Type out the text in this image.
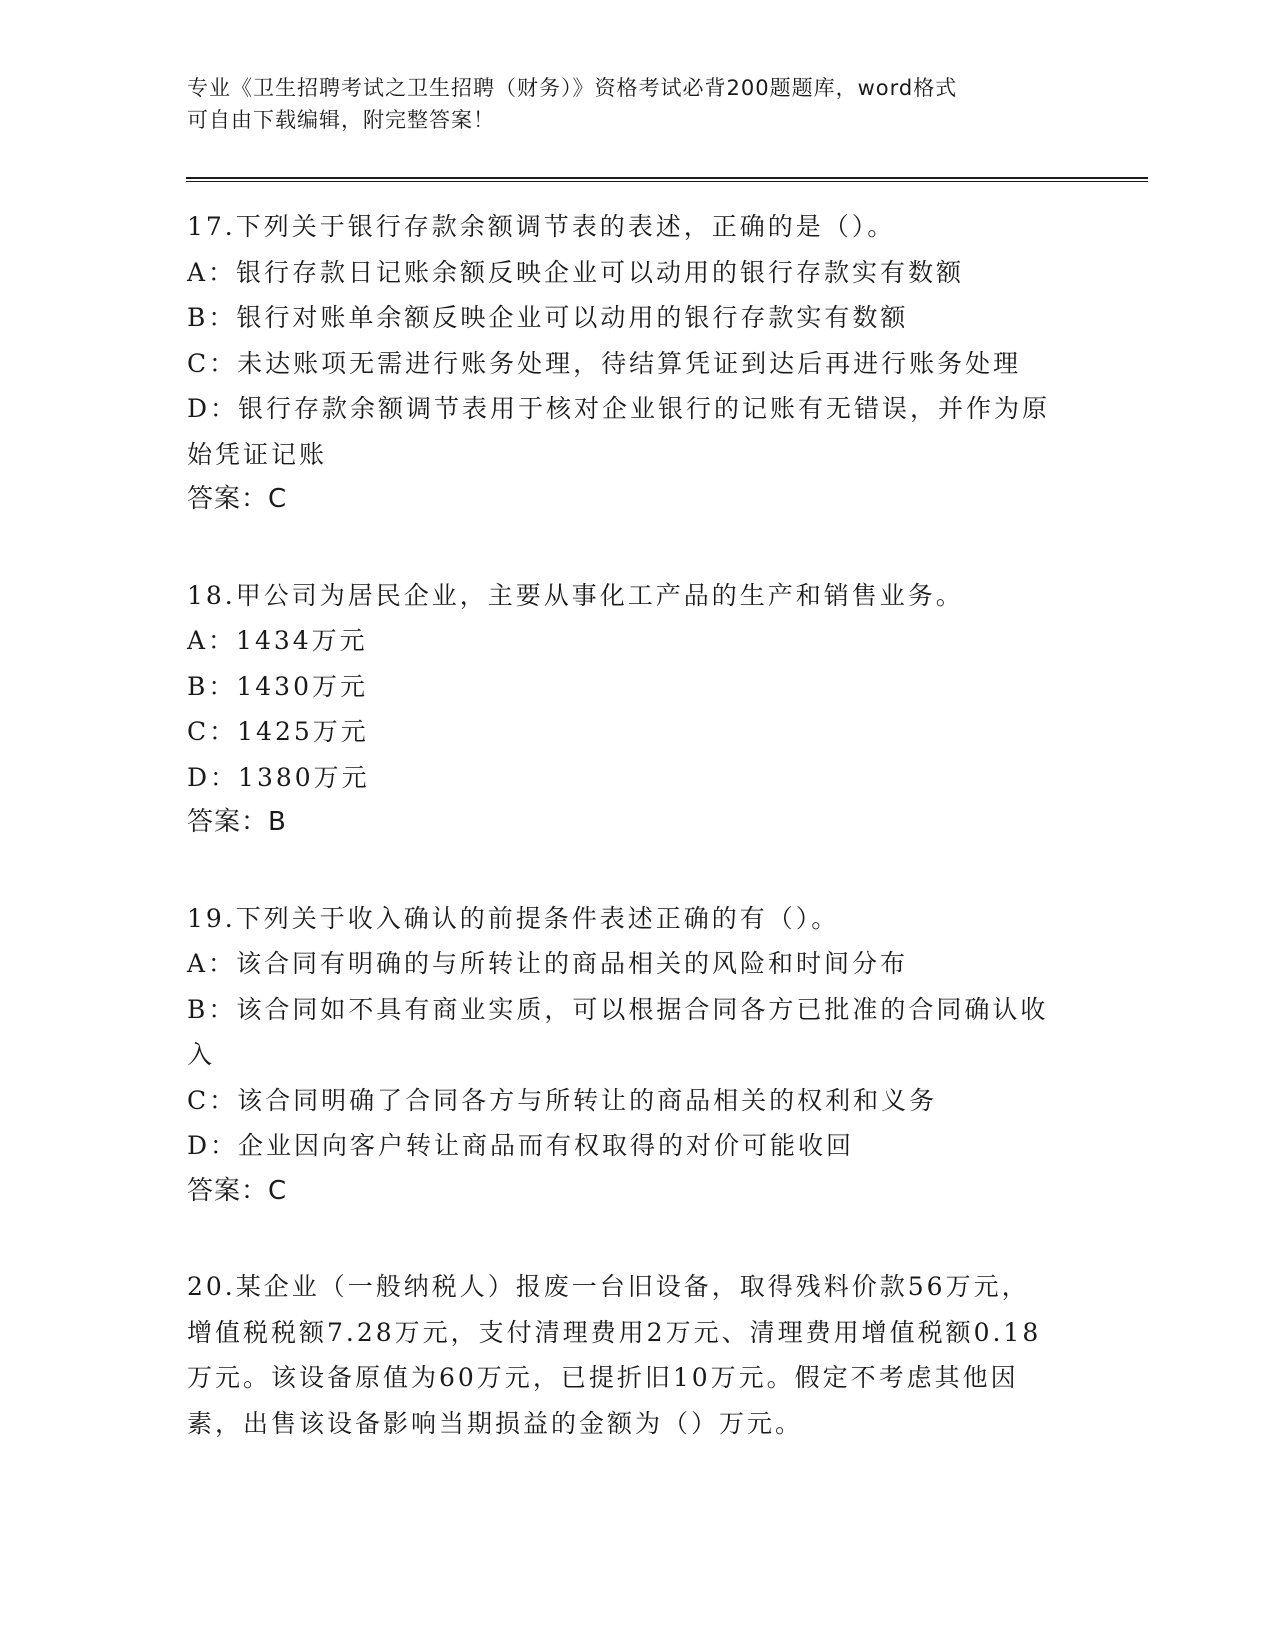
专业《卫生招聘考试之卫生招聘（财务）》资格考试必背200题题库，word格式
可自由下载编辑，附完整答案！
17.下列关于银行存款余额调节表的表述，正确的是（）。
A：银行存款日记账余额反映企业可以动用的银行存款实有数额
B：银行对账单余额反映企业可以动用的银行存款实有数额
C：未达账项无需进行账务处理，待结算凭证到达后再进行账务处理
D：银行存款余额调节表用于核对企业银行的记账有无错误，并作为原
始凭证记账
答案：C
18.甲公司为居民企业，主要从事化工产品的生产和销售业务。
A：1434万元
B：1430万元
C：1425万元
D：1380万元
答案：B
19.下列关于收入确认的前提条件表述正确的有（）。
A：该合同有明确的与所转让的商品相关的风险和时间分布
B：该合同如不具有商业实质，可以根据合同各方已批准的合同确认收
入
C：该合同明确了合同各方与所转让的商品相关的权利和义务
D：企业因向客户转让商品而有权取得的对价可能收回
答案：C
20.某企业（一般纳税人）报废一台旧设备，取得残料价款56万元，
增值税税额7.28万元，支付清理费用2万元、清理费用增值税额0.18
万元。该设备原值为60万元，已提折旧10万元。假定不考虑其他因
素，出售该设备影响当期损益的金额为（）万元。
